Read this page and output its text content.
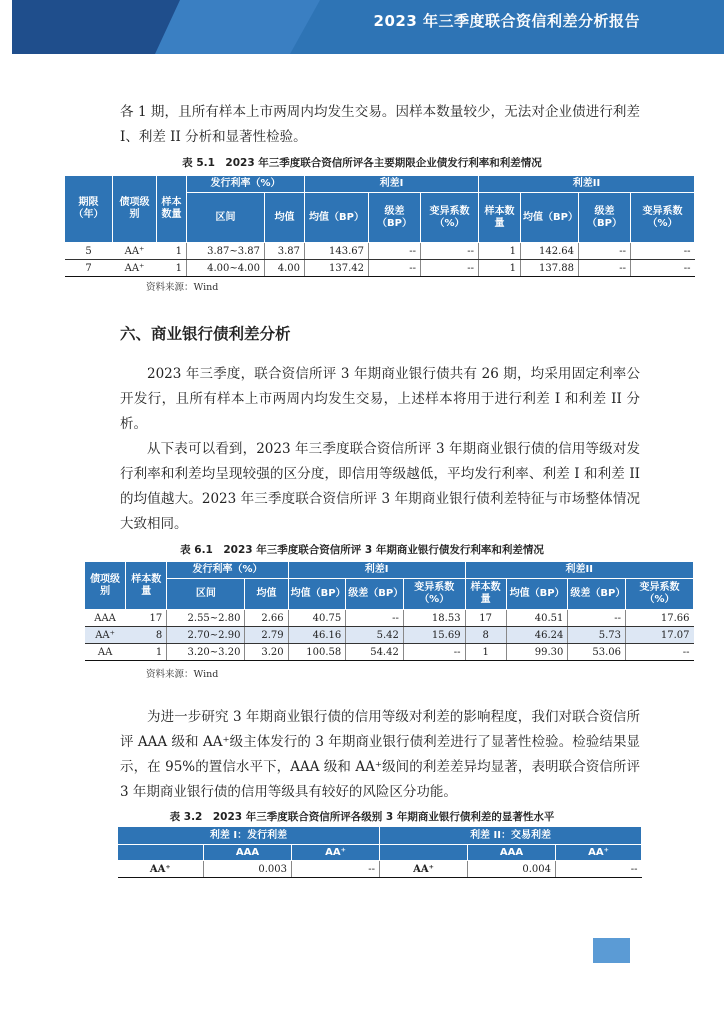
2023 年三季度联合资信利差分析报告

各 1 期，且所有样本上市两周内均发生交易。因样本数量较少，无法对企业债进行利差 I、利差 II 分析和显著性检验。

表 5.1　2023 年三季度联合资信所评各主要期限企业债发行利率和利差情况
期限（年）	债项级别	样本数量	发行利率（%）		利差I			利差II			
			区间	均值	均值（BP）	级差（BP）	变异系数（%）	样本数量	均值（BP）	级差（BP）	变异系数（%）
5	AA⁺	1	3.87~3.87	3.87	143.67	--	--	1	142.64	--	--
7	AA⁺	1	4.00~4.00	4.00	137.42	--	--	1	137.88	--	--
资料来源：Wind
六、商业银行债利差分析

2023 年三季度，联合资信所评 3 年期商业银行债共有 26 期，均采用固定利率公开发行，且所有样本上市两周内均发生交易，上述样本将用于进行利差 I 和利差 II 分析。

从下表可以看到，2023 年三季度联合资信所评 3 年期商业银行债的信用等级对发行利率和利差均呈现较强的区分度，即信用等级越低，平均发行利率、利差 I 和利差 II 的均值越大。2023 年三季度联合资信所评 3 年期商业银行债利差特征与市场整体情况大致相同。

表 6.1　2023 年三季度联合资信所评 3 年期商业银行债发行利率和利差情况
债项级别	样本数量	发行利率（%）		利差I			利差II			
		区间	均值	均值（BP）	级差（BP）	变异系数（%）	样本数量	均值（BP）	级差（BP）	变异系数（%）
AAA	17	2.55~2.80	2.66	40.75	--	18.53	17	40.51	--	17.66
AA⁺	8	2.70~2.90	2.79	46.16	5.42	15.69	8	46.24	5.73	17.07
AA	1	3.20~3.20	3.20	100.58	54.42	--	1	99.30	53.06	--
资料来源：Wind

为进一步研究 3 年期商业银行债的信用等级对利差的影响程度，我们对联合资信所评 AAA 级和 AA⁺级主体发行的 3 年期商业银行债利差进行了显著性检验。检验结果显示，在 95%的置信水平下，AAA 级和 AA⁺级间的利差差异均显著，表明联合资信所评 3 年期商业银行债的信用等级具有较好的风险区分功能。

表 3.2　2023 年三季度联合资信所评各级别 3 年期商业银行债利差的显著性水平
利差 I：发行利差			利差 II：交易利差		
	AAA	AA⁺		AAA	AA⁺
AA⁺	0.003	--	AA⁺	0.004	--
